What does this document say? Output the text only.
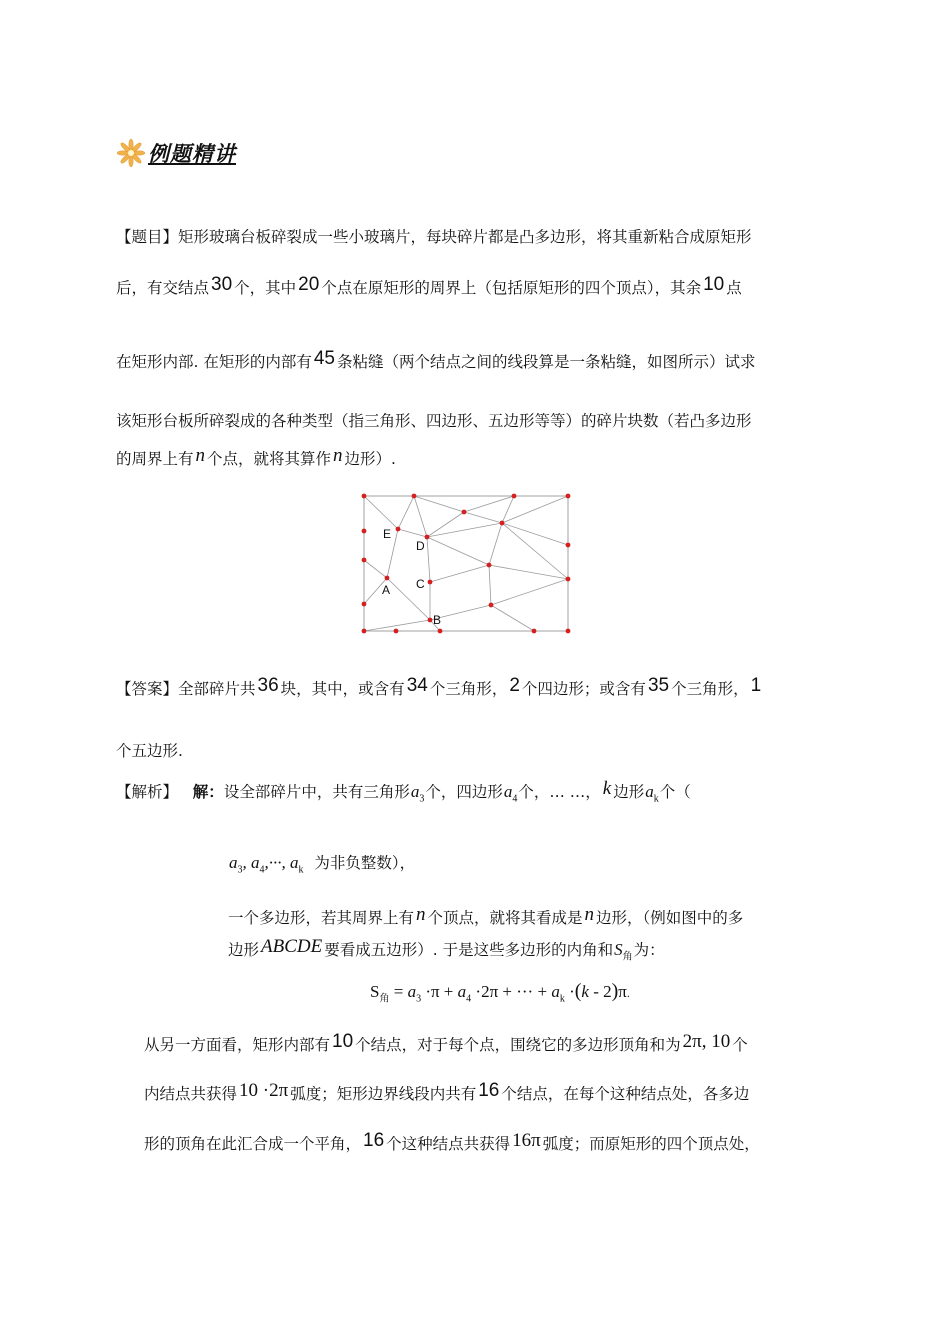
例题精讲
【题目】矩形玻璃台板碎裂成一些小玻璃片，每块碎片都是凸多边形，将其重新粘合成原矩形
后，有交结点 30 个，其中 20 个点在原矩形的周界上（包括原矩形的四个顶点），其余 10 点
在矩形内部. 在矩形的内部有 45 条粘缝（两个结点之间的线段算是一条粘缝，如图所示）试求
该矩形台板所碎裂成的各种类型（指三角形、四边形、五边形等等）的碎片块数（若凸多边形
的周界上有 n 个点，就将其算作 n 边形）.
E
D
C
A
B
【答案】全部碎片共 36 块，其中，或含有 34 个三角形， 2 个四边形；或含有 35 个三角形， 1
个五边形.
【解析】 解：设全部碎片中，共有三角形$a_3$个，四边形$a_4$个，… …， k 边形$a_k$个（
$a_3$, $a_4,\cdot\cdot\cdot$, $a_k$ 为非负整数），
一个多边形，若其周界上有 n 个顶点，就将其看成是 n 边形，（例如图中的多
边形 ABCDE 要看成五边形）. 于是这些多边形的内角和$S_角$为：
$S_角 = a_3 \cdot\pi + a_4 \cdot 2\pi$ + ··· + $a_k \cdot(k - 2)\pi$.
从另一方面看，矩形内部有 10 个结点，对于每个点，围绕它的多边形顶角和为 2π, 10 个
内结点共获得 10 ·2π 弧度；矩形边界线段内共有 16 个结点，在每个这种结点处，各多边
形的顶角在此汇合成一个平角， 16 个这种结点共获得 16π 弧度；而原矩形的四个顶点处，
